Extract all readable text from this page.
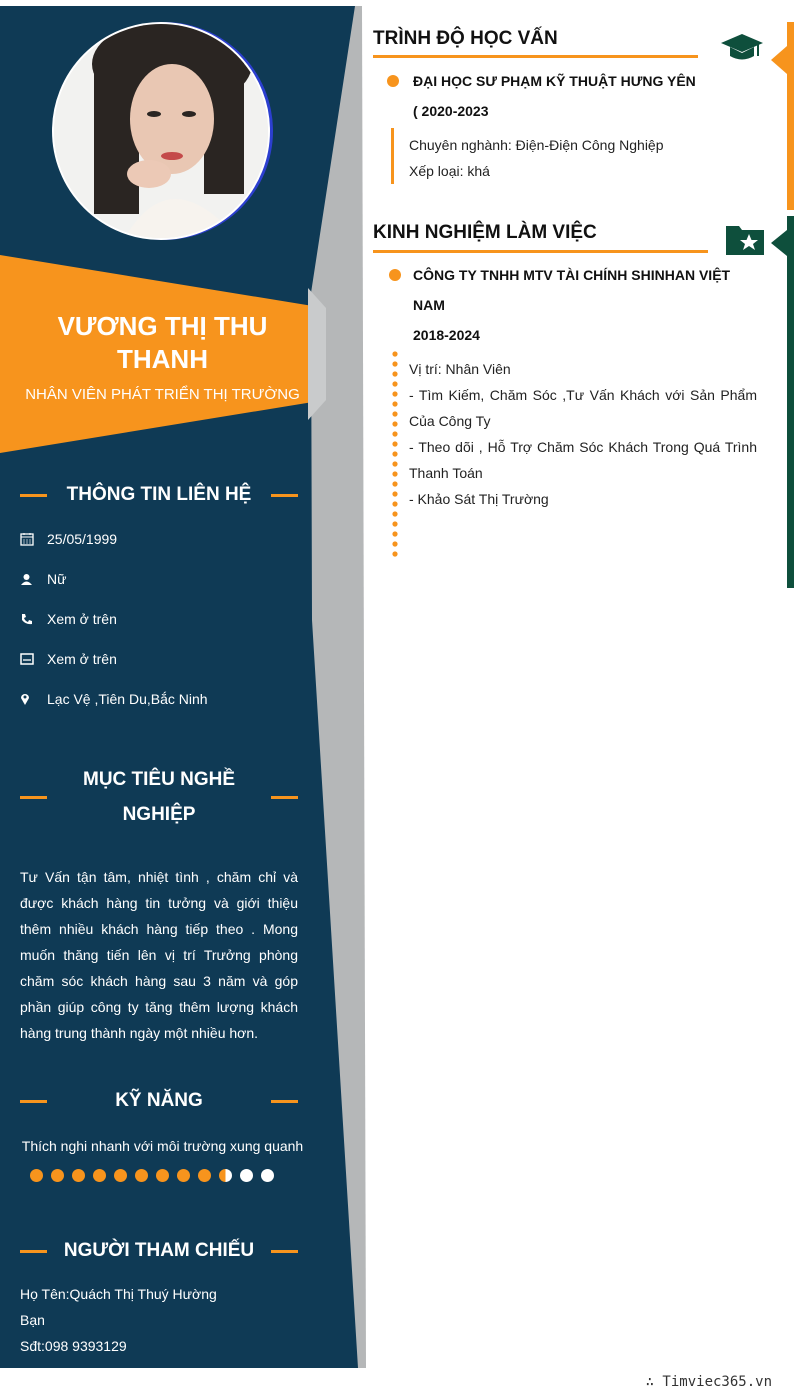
VƯƠNG THỊ THU THANH
NHÂN VIÊN PHÁT TRIỂN THỊ TRƯỜNG
THÔNG TIN LIÊN HỆ
25/05/1999
Nữ
Xem ở trên
Xem ở trên
Lạc Vệ ,Tiên Du,Bắc Ninh
MỤC TIÊU NGHỀ NGHIỆP
Tư Vấn tận tâm, nhiệt tình , chăm chỉ và được khách hàng tin tưởng và giới thiệu thêm nhiều khách hàng tiếp theo . Mong muốn thăng tiến lên vị trí Trưởng phòng chăm sóc khách hàng sau 3 năm và góp phần giúp công ty tăng thêm lượng khách hàng trung thành ngày một nhiều hơn.
KỸ NĂNG
Thích nghi nhanh với môi trường xung quanh
NGƯỜI THAM CHIẾU
Họ Tên:Quách Thị Thuý Hường
Bạn
Sđt:098 9393129
TRÌNH ĐỘ HỌC VẤN
ĐẠI HỌC SƯ PHẠM KỸ THUẬT HƯNG YÊN
( 2020-2023
Chuyên nghành: Điện-Điện Công Nghiệp
Xếp loại: khá
KINH NGHIỆM LÀM VIỆC
CÔNG TY TNHH MTV TÀI CHÍNH SHINHAN VIỆT
NAM
2018-2024
Vị trí: Nhân Viên
- Tìm Kiếm, Chăm Sóc ,Tư Vấn Khách với Sản Phẩm Của Công Ty
- Theo dõi , Hỗ Trợ Chăm Sóc Khách Trong Quá Trình Thanh Toán
- Khảo Sát Thị Trường
∴ Timviec365.vn
